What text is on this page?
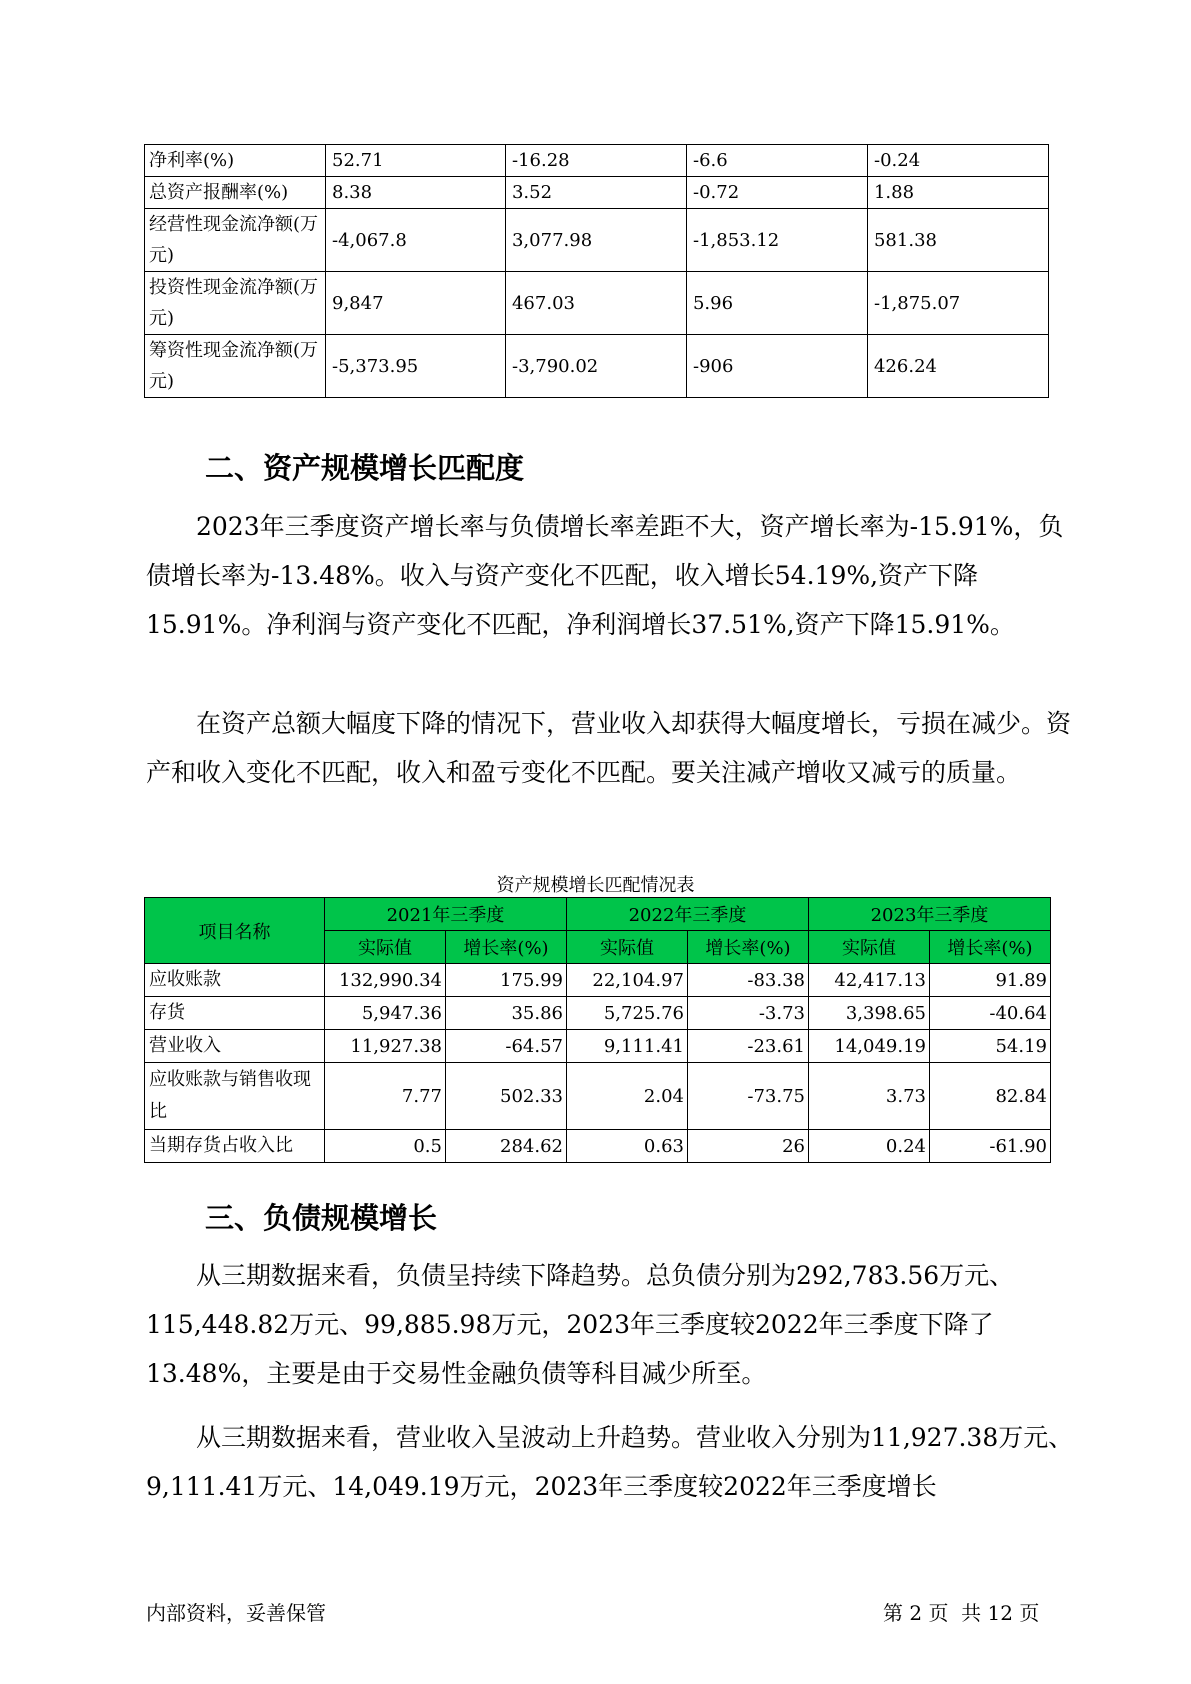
净利率(%)	52.71	-16.28	-6.6	-0.24
总资产报酬率(%)	8.38	3.52	-0.72	1.88
经营性现金流净额(万元)	-4,067.8	3,077.98	-1,853.12	581.38
投资性现金流净额(万元)	9,847	467.03	5.96	-1,875.07
筹资性现金流净额(万元)	-5,373.95	-3,790.02	-906	426.24
二、资产规模增长匹配度

2023年三季度资产增长率与负债增长率差距不大，资产增长率为-15.91%，负债增长率为-13.48%。收入与资产变化不匹配，收入增长54.19%,资产下降15.91%。净利润与资产变化不匹配，净利润增长37.51%,资产下降15.91%。

在资产总额大幅度下降的情况下，营业收入却获得大幅度增长，亏损在减少。资产和收入变化不匹配，收入和盈亏变化不匹配。要关注减产增收又减亏的质量。

资产规模增长匹配情况表
项目名称	2021年三季度		2022年三季度		2023年三季度	
	实际值	增长率(%)	实际值	增长率(%)	实际值	增长率(%)
应收账款	132,990.34	175.99	22,104.97	-83.38	42,417.13	91.89
存货	5,947.36	35.86	5,725.76	-3.73	3,398.65	-40.64
营业收入	11,927.38	-64.57	9,111.41	-23.61	14,049.19	54.19
应收账款与销售收现比	7.77	502.33	2.04	-73.75	3.73	82.84
当期存货占收入比	0.5	284.62	0.63	26	0.24	-61.90
三、负债规模增长

从三期数据来看，负债呈持续下降趋势。总负债分别为292,783.56万元、115,448.82万元、99,885.98万元，2023年三季度较2022年三季度下降了13.48%，主要是由于交易性金融负债等科目减少所至。

从三期数据来看，营业收入呈波动上升趋势。营业收入分别为11,927.38万元、9,111.41万元、14,049.19万元，2023年三季度较2022年三季度增长

内部资料，妥善保管	第 2 页  共 12 页
